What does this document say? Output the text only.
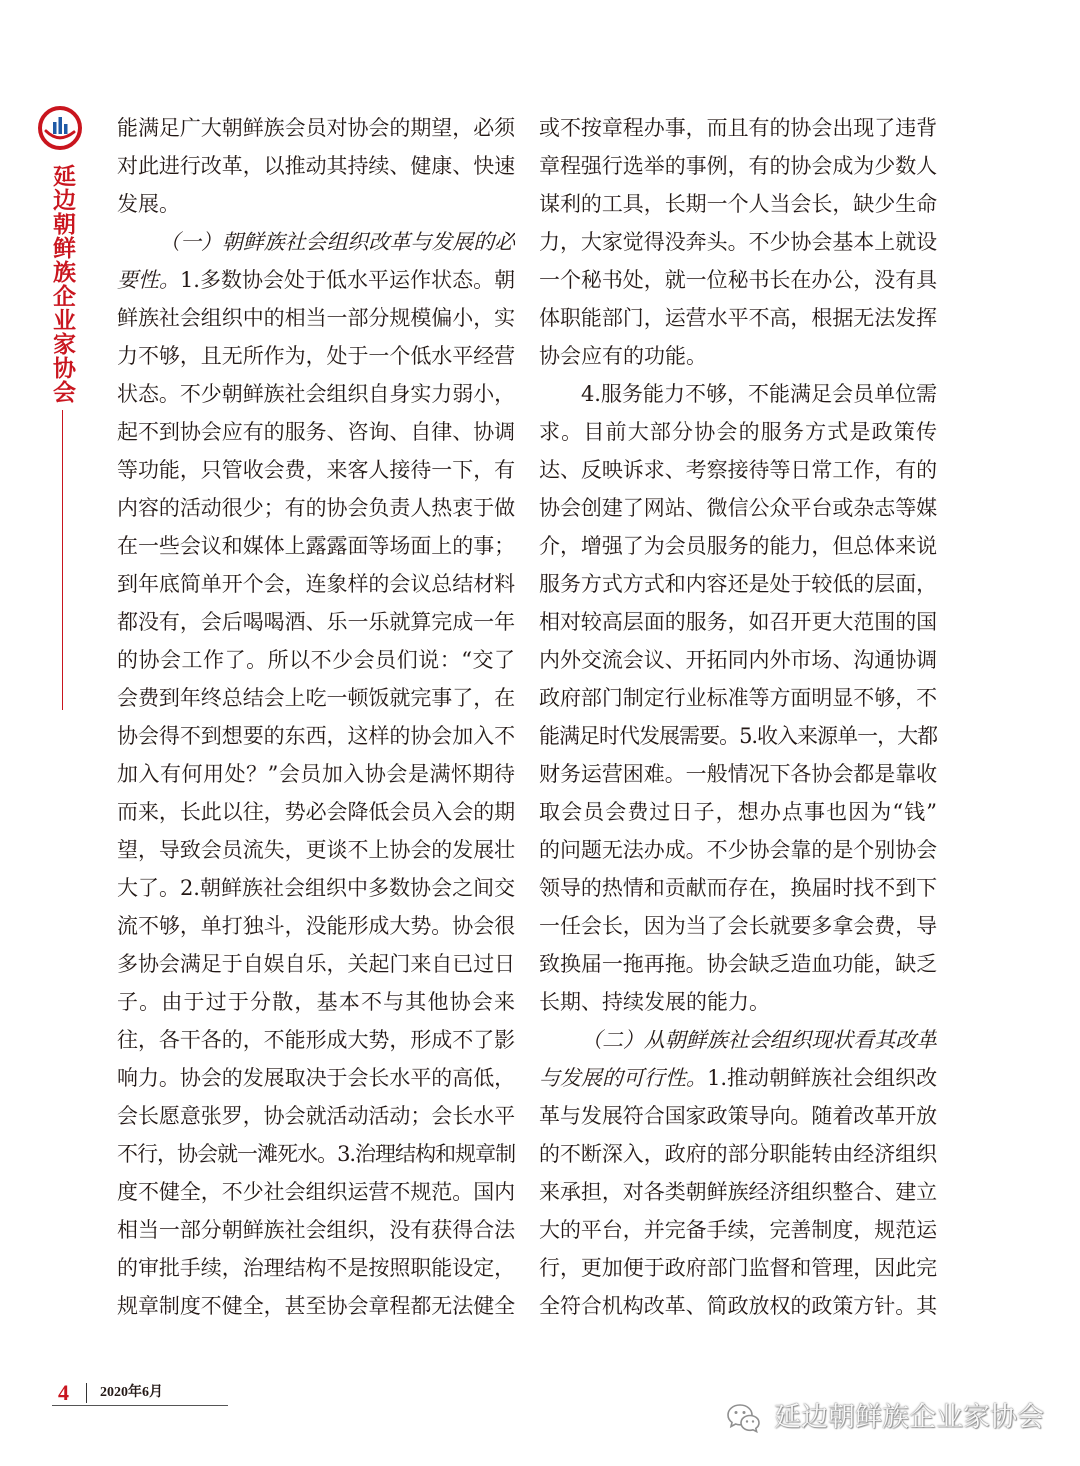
延边朝鲜族企业家协会
能满足广大朝鲜族会员对协会的期望，必须
对此进行改革，以推动其持续、健康、快速
发展。
（一）朝鲜族社会组织改革与发展的必
要性。1.多数协会处于低水平运作状态。朝
鲜族社会组织中的相当一部分规模偏小，实
力不够，且无所作为，处于一个低水平经营
状态。不少朝鲜族社会组织自身实力弱小，
起不到协会应有的服务、咨询、自律、协调
等功能，只管收会费，来客人接待一下，有
内容的活动很少；有的协会负责人热衷于做
在一些会议和媒体上露露面等场面上的事；
到年底简单开个会，连象样的会议总结材料
都没有，会后喝喝酒、乐一乐就算完成一年
的协会工作了。所以不少会员们说：“交了
会费到年终总结会上吃一顿饭就完事了，在
协会得不到想要的东西，这样的协会加入不
加入有何用处？”会员加入协会是满怀期待
而来，长此以往，势必会降低会员入会的期
望，导致会员流失，更谈不上协会的发展壮
大了。2.朝鲜族社会组织中多数协会之间交
流不够，单打独斗，没能形成大势。协会很
多协会满足于自娱自乐，关起门来自已过日
子。由于过于分散，基本不与其他协会来
往，各干各的，不能形成大势，形成不了影
响力。协会的发展取决于会长水平的高低，
会长愿意张罗，协会就活动活动；会长水平
不行，协会就一滩死水。3.治理结构和规章制
度不健全，不少社会组织运营不规范。国内
相当一部分朝鲜族社会组织，没有获得合法
的审批手续，治理结构不是按照职能设定，
规章制度不健全，甚至协会章程都无法健全
或不按章程办事，而且有的协会出现了违背
章程强行选举的事例，有的协会成为少数人
谋利的工具，长期一个人当会长，缺少生命
力，大家觉得没奔头。不少协会基本上就设
一个秘书处，就一位秘书长在办公，没有具
体职能部门，运营水平不高，根据无法发挥
协会应有的功能。
4.服务能力不够，不能满足会员单位需
求。目前大部分协会的服务方式是政策传
达、反映诉求、考察接待等日常工作，有的
协会创建了网站、微信公众平台或杂志等媒
介，增强了为会员服务的能力，但总体来说
服务方式方式和内容还是处于较低的层面，
相对较高层面的服务，如召开更大范围的国
内外交流会议、开拓同内外市场、沟通协调
政府部门制定行业标准等方面明显不够，不
能满足时代发展需要。5.收入来源单一，大都
财务运营困难。一般情况下各协会都是靠收
取会员会费过日子，想办点事也因为“钱”
的问题无法办成。不少协会靠的是个别协会
领导的热情和贡献而存在，换届时找不到下
一任会长，因为当了会长就要多拿会费，导
致换届一拖再拖。协会缺乏造血功能，缺乏
长期、持续发展的能力。
（二）从朝鲜族社会组织现状看其改革
与发展的可行性。1.推动朝鲜族社会组织改
革与发展符合国家政策导向。随着改革开放
的不断深入，政府的部分职能转由经济组织
来承担，对各类朝鲜族经济组织整合、建立
大的平台，并完备手续，完善制度，规范运
行，更加便于政府部门监督和管理，因此完
全符合机构改革、简政放权的政策方针。其
4 2020年6月
延边朝鲜族企业家协会
